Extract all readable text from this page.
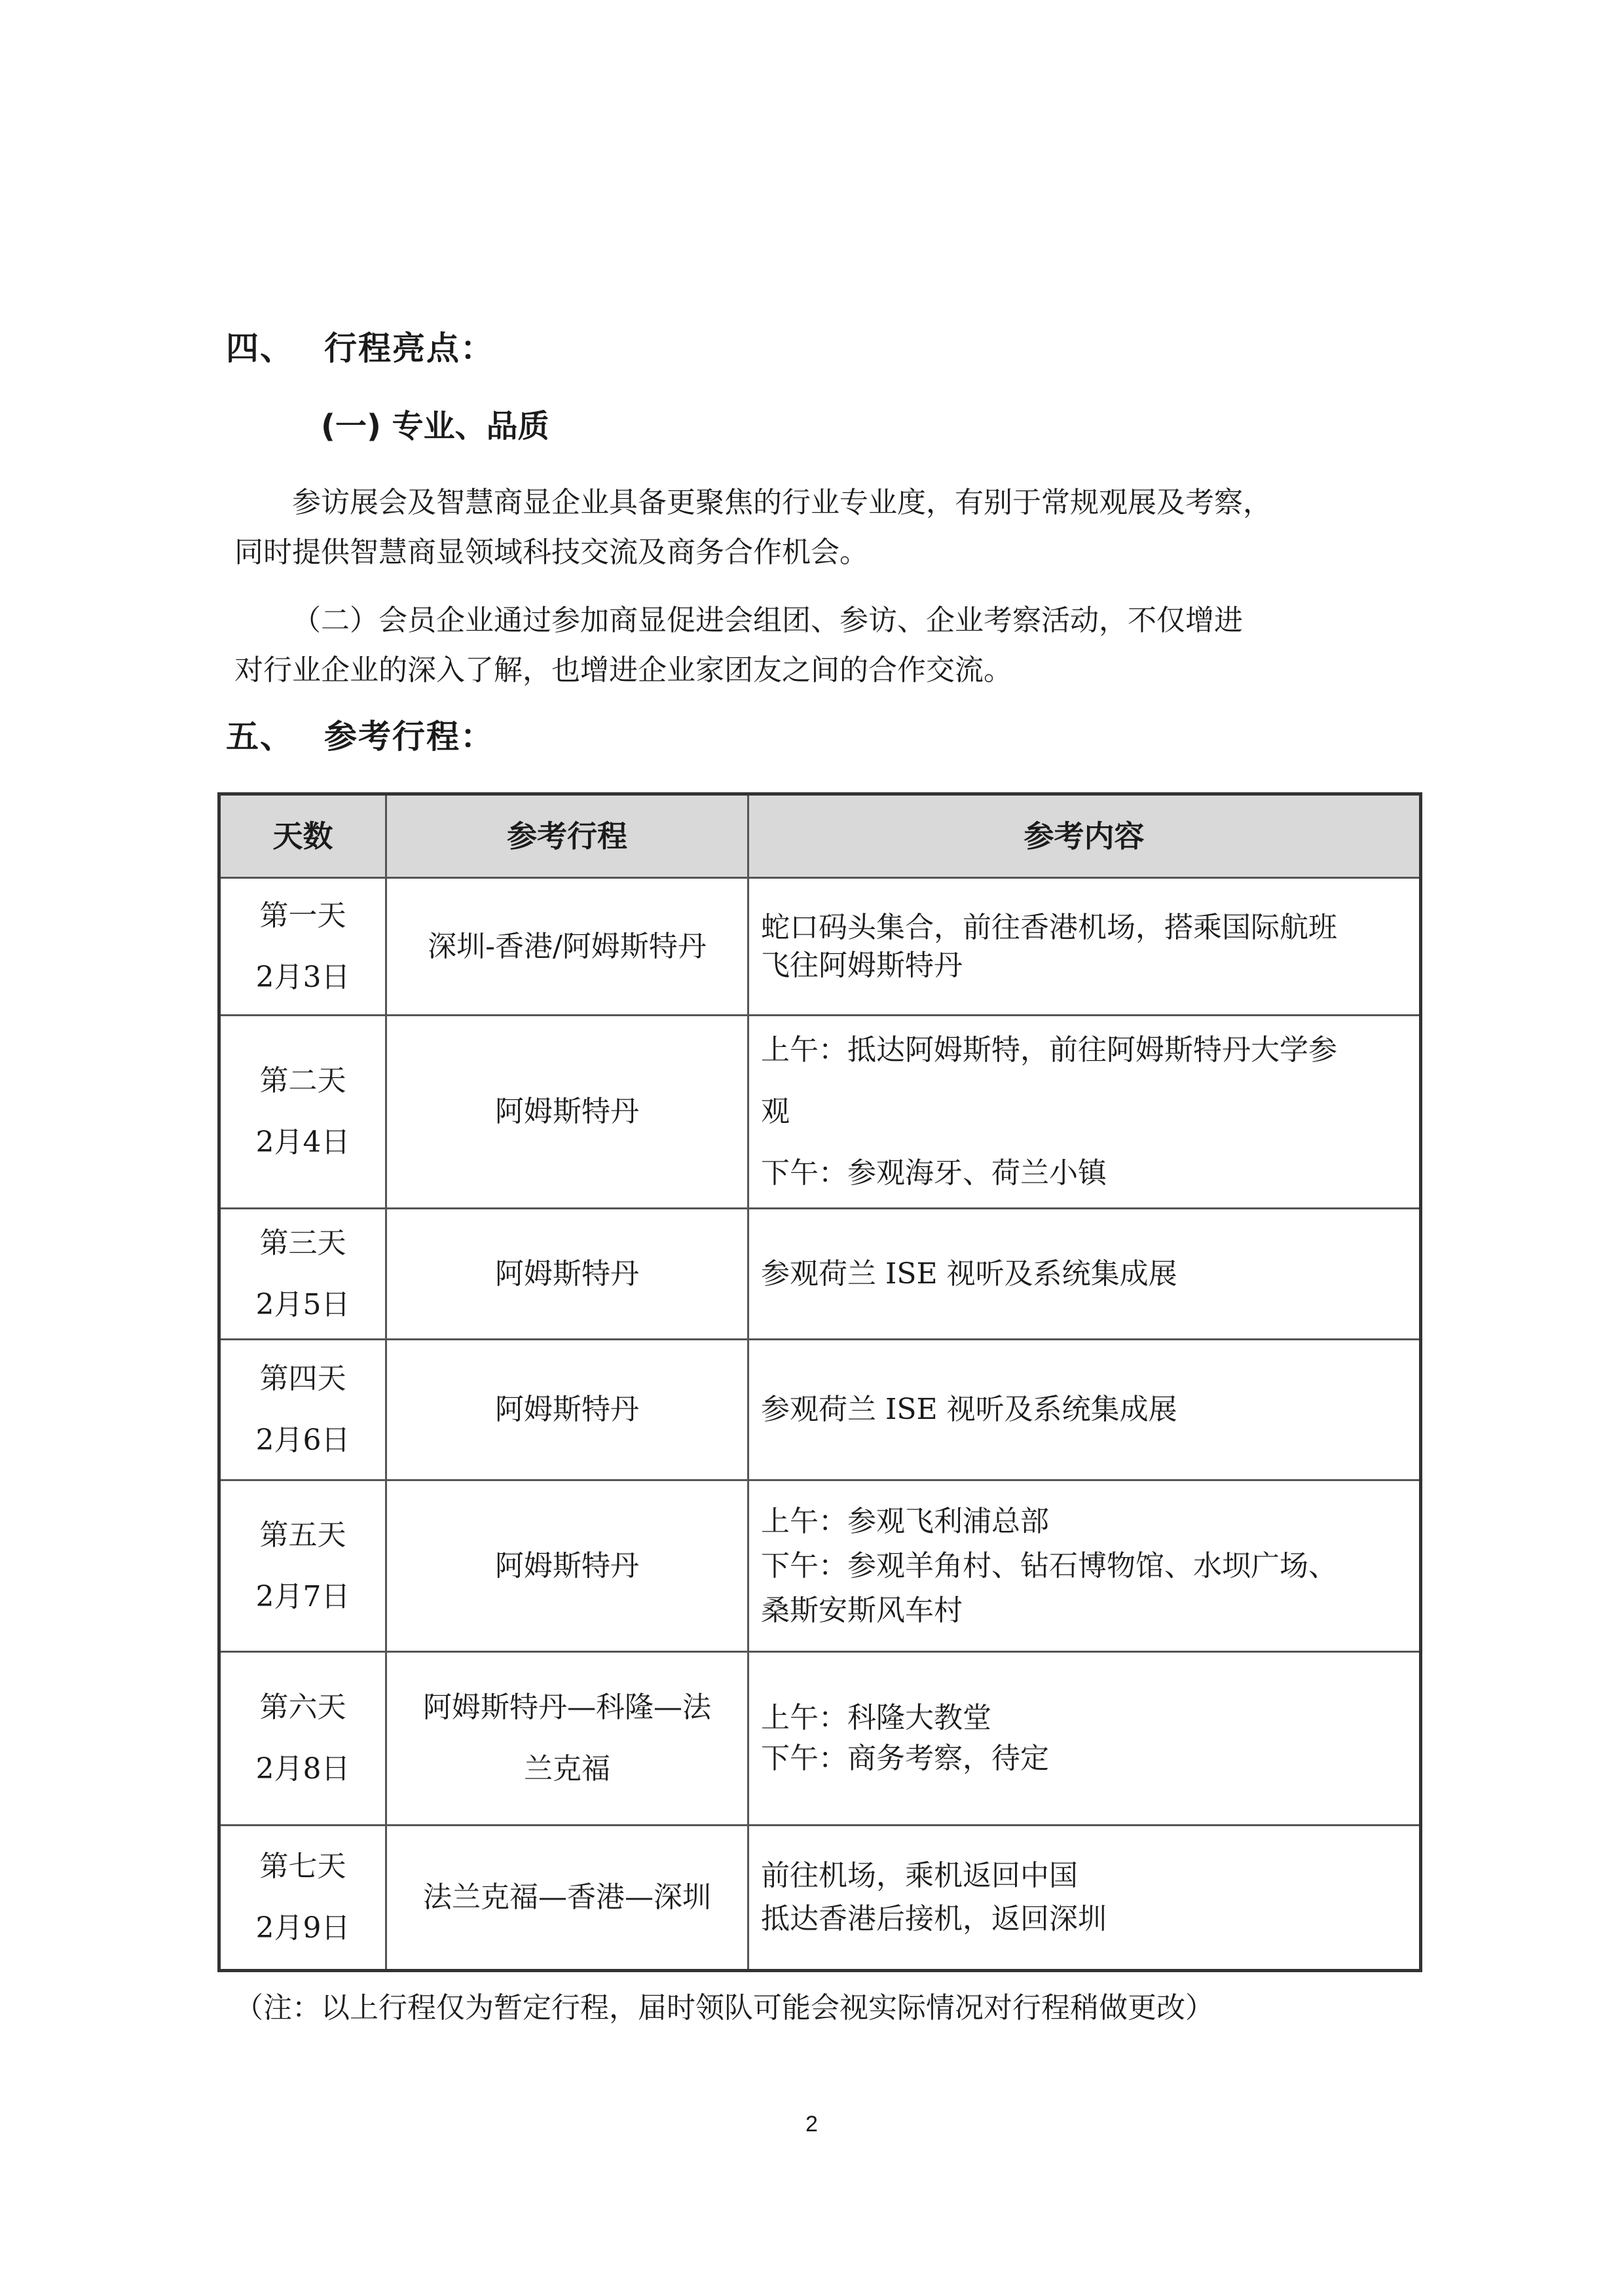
四、 行程亮点：
(一) 专业、品质
参访展会及智慧商显企业具备更聚焦的行业专业度，有别于常规观展及考察，
同时提供智慧商显领域科技交流及商务合作机会。
（二）会员企业通过参加商显促进会组团、参访、企业考察活动，不仅增进
对行业企业的深入了解，也增进企业家团友之间的合作交流。
五、 参考行程：
天数	参考行程	参考内容

第一天
2月3日	深圳-香港/阿姆斯特丹	蛇口码头集合，前往香港机场，搭乘国际航班
飞往阿姆斯特丹

第二天
2月4日	阿姆斯特丹	上午：抵达阿姆斯特，前往阿姆斯特丹大学参
观
下午：参观海牙、荷兰小镇

第三天
2月5日	阿姆斯特丹	参观荷兰 ISE 视听及系统集成展

第四天
2月6日	阿姆斯特丹	参观荷兰 ISE 视听及系统集成展

第五天
2月7日	阿姆斯特丹	上午：参观飞利浦总部
下午：参观羊角村、钻石博物馆、水坝广场、
桑斯安斯风车村

第六天
2月8日	阿姆斯特丹—科隆—法
兰克福	上午：科隆大教堂
下午：商务考察，待定

第七天
2月9日	法兰克福—香港—深圳	前往机场，乘机返回中国
抵达香港后接机，返回深圳
（注：以上行程仅为暂定行程，届时领队可能会视实际情况对行程稍做更改）
2
